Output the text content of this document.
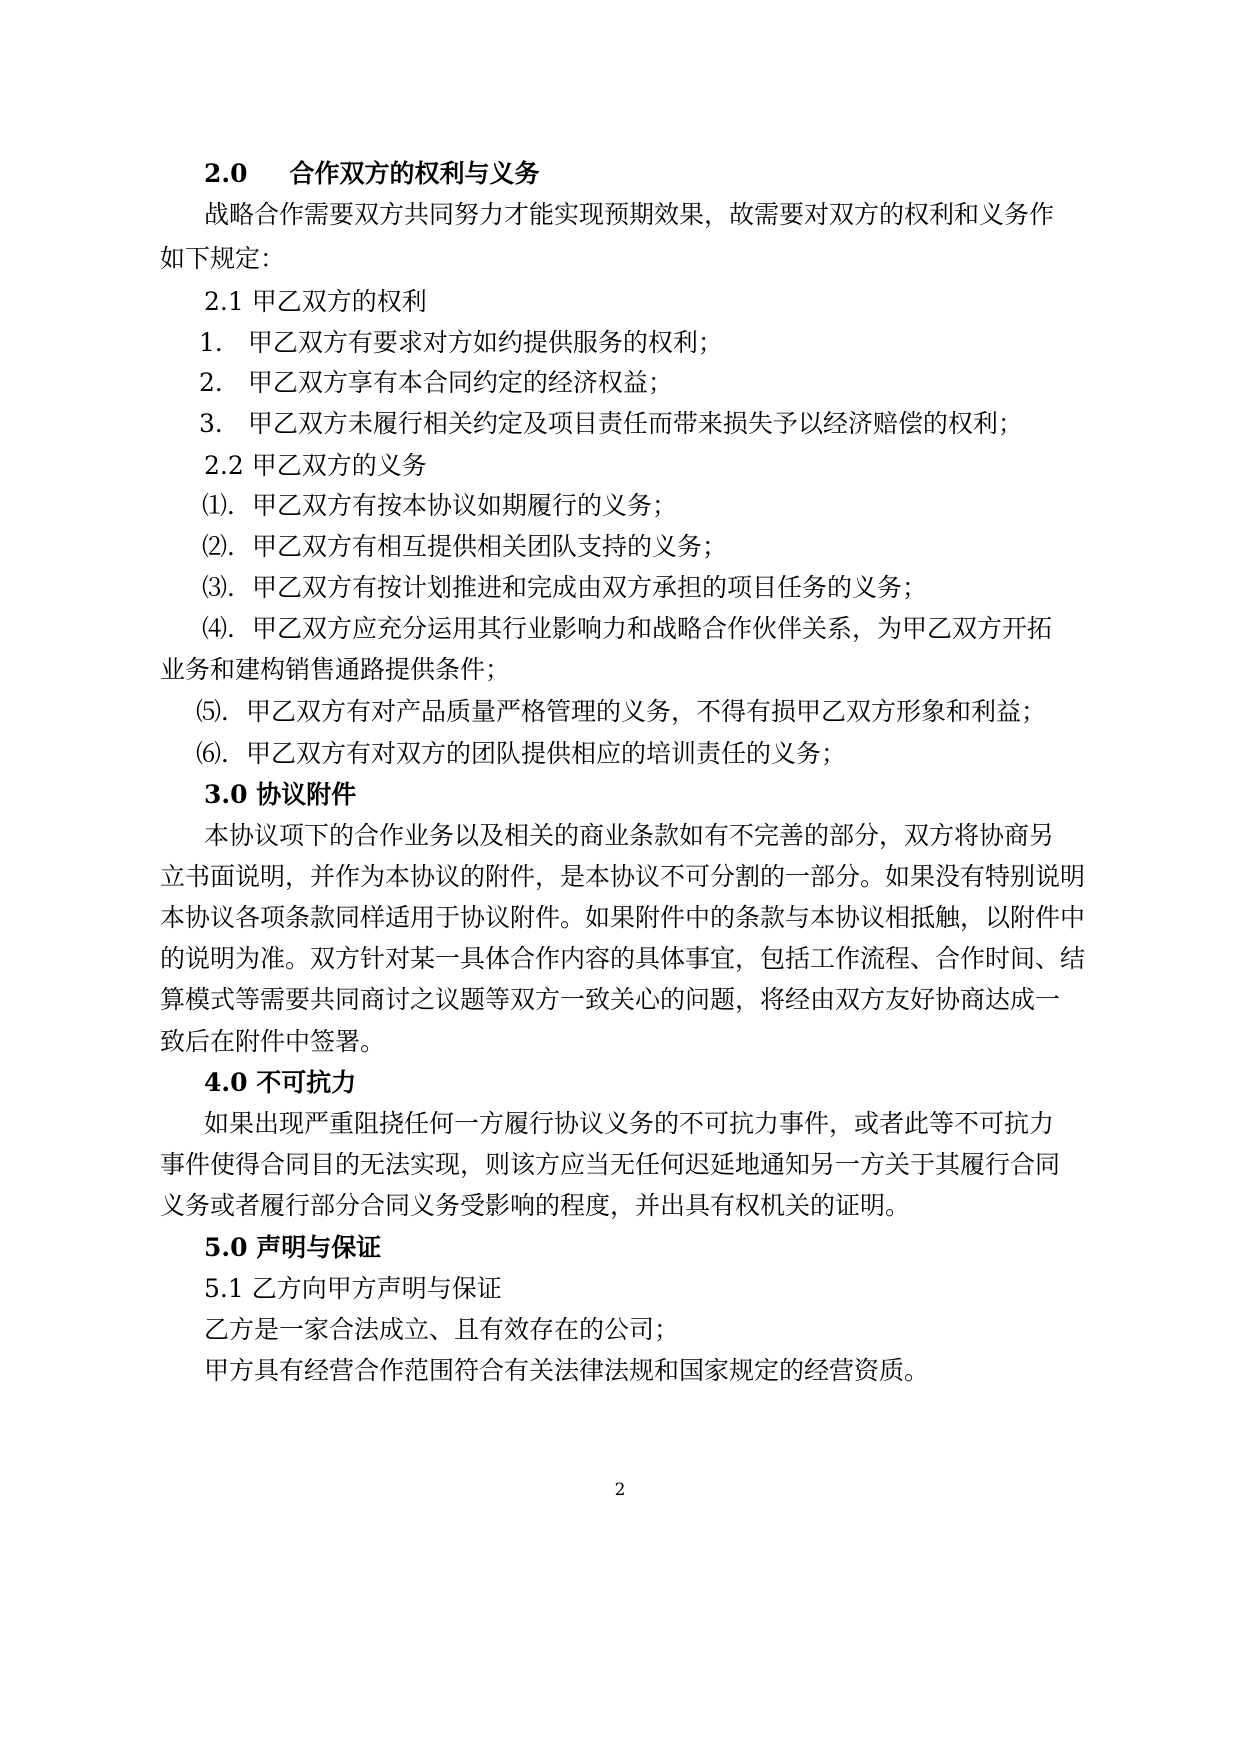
2.0 合作双方的权利与义务
战略合作需要双方共同努力才能实现预期效果，故需要对双方的权利和义务作
如下规定：
2.1 甲乙双方的权利
1． 甲乙双方有要求对方如约提供服务的权利；
2． 甲乙双方享有本合同约定的经济权益；
3． 甲乙双方未履行相关约定及项目责任而带来损失予以经济赔偿的权利；
2.2 甲乙双方的义务
⑴．甲乙双方有按本协议如期履行的义务；
⑵．甲乙双方有相互提供相关团队支持的义务；
⑶．甲乙双方有按计划推进和完成由双方承担的项目任务的义务；
⑷．甲乙双方应充分运用其行业影响力和战略合作伙伴关系，为甲乙双方开拓
业务和建构销售通路提供条件；
⑸．甲乙双方有对产品质量严格管理的义务，不得有损甲乙双方形象和利益；
⑹．甲乙双方有对双方的团队提供相应的培训责任的义务；
3.0 协议附件
本协议项下的合作业务以及相关的商业条款如有不完善的部分，双方将协商另
立书面说明，并作为本协议的附件，是本协议不可分割的一部分。如果没有特别说明
本协议各项条款同样适用于协议附件。如果附件中的条款与本协议相抵触，以附件中
的说明为准。双方针对某一具体合作内容的具体事宜，包括工作流程、合作时间、结
算模式等需要共同商讨之议题等双方一致关心的问题，将经由双方友好协商达成一
致后在附件中签署。
4.0 不可抗力
如果出现严重阻挠任何一方履行协议义务的不可抗力事件，或者此等不可抗力
事件使得合同目的无法实现，则该方应当无任何迟延地通知另一方关于其履行合同
义务或者履行部分合同义务受影响的程度，并出具有权机关的证明。
5.0 声明与保证
5.1 乙方向甲方声明与保证
乙方是一家合法成立、且有效存在的公司；
甲方具有经营合作范围符合有关法律法规和国家规定的经营资质。
2
